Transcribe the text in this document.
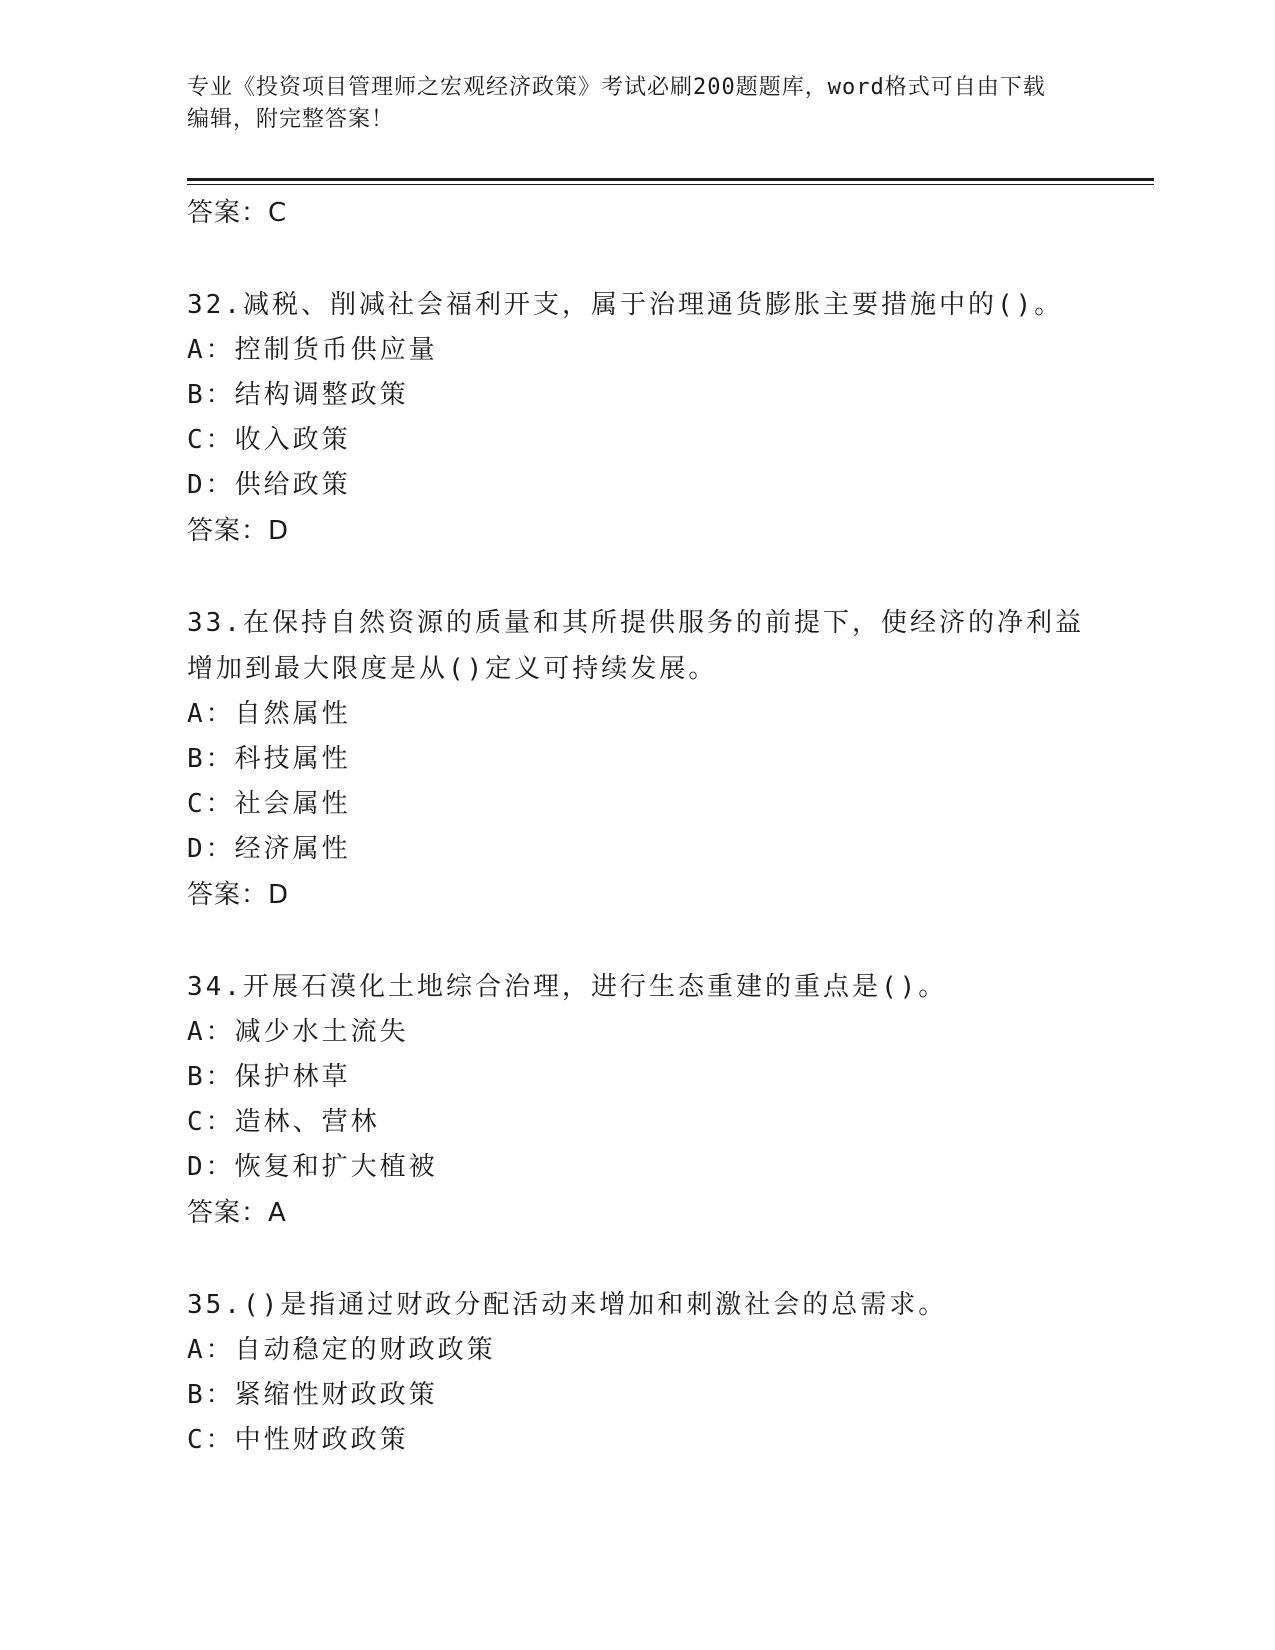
专业《投资项目管理师之宏观经济政策》考试必刷200题题库，word格式可自由下载编辑，附完整答案！
答案：C
32.减税、削减社会福利开支，属于治理通货膨胀主要措施中的()。
A：控制货币供应量
B：结构调整政策
C：收入政策
D：供给政策
答案：D
33.在保持自然资源的质量和其所提供服务的前提下，使经济的净利益增加到最大限度是从()定义可持续发展。
A：自然属性
B：科技属性
C：社会属性
D：经济属性
答案：D
34.开展石漠化土地综合治理，进行生态重建的重点是()。
A：减少水土流失
B：保护林草
C：造林、营林
D：恢复和扩大植被
答案：A
35.()是指通过财政分配活动来增加和刺激社会的总需求。
A：自动稳定的财政政策
B：紧缩性财政政策
C：中性财政政策
